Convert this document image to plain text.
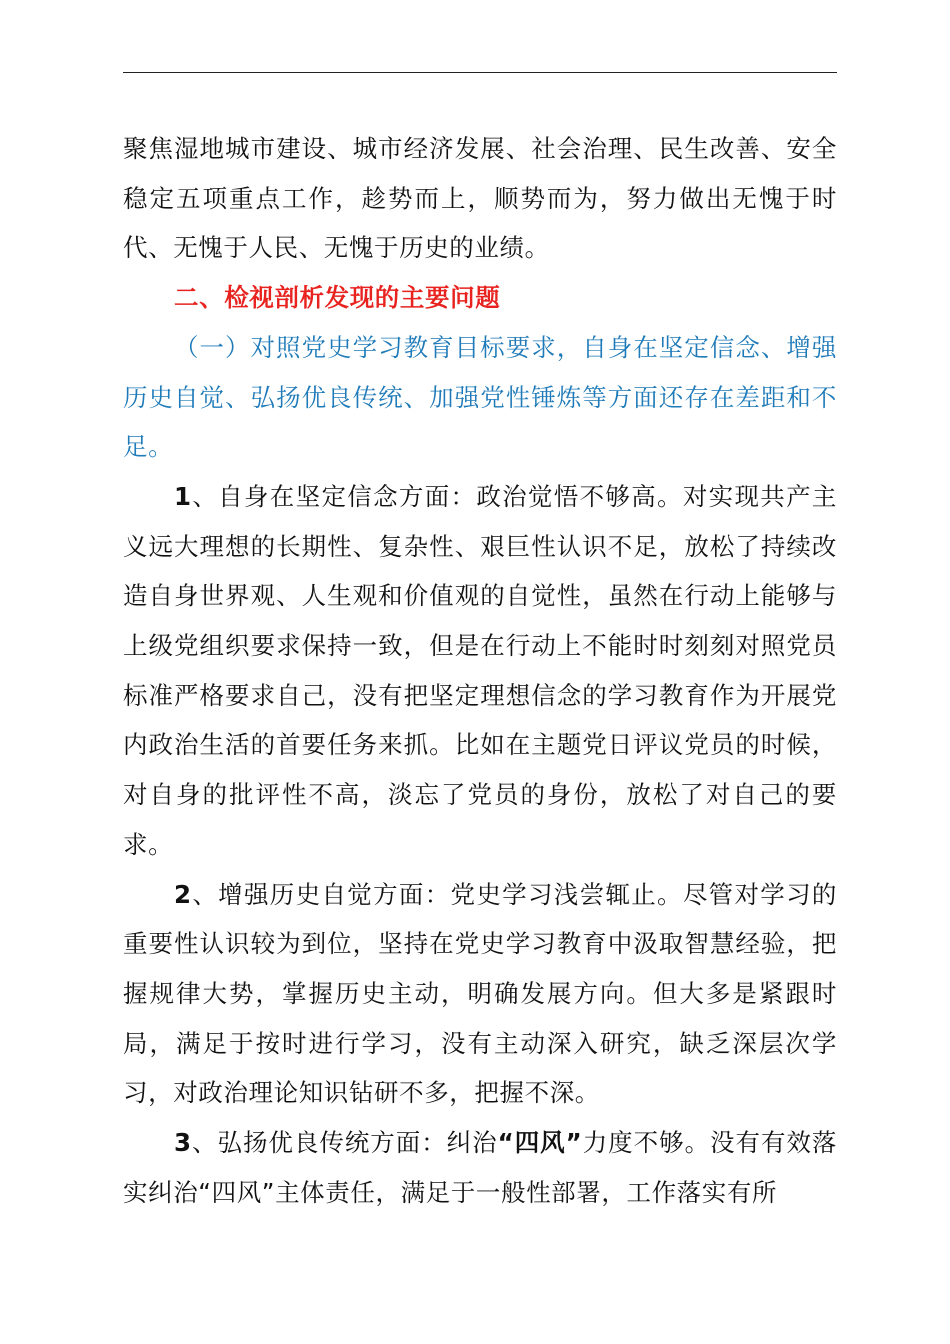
聚焦湿地城市建设、城市经济发展、社会治理、民生改善、安全稳定五项重点工作，趁势而上，顺势而为，努力做出无愧于时代、无愧于人民、无愧于历史的业绩。

二、检视剖析发现的主要问题

（一）对照党史学习教育目标要求，自身在坚定信念、增强历史自觉、弘扬优良传统、加强党性锤炼等方面还存在差距和不足。

1、自身在坚定信念方面：政治觉悟不够高。对实现共产主义远大理想的长期性、复杂性、艰巨性认识不足，放松了持续改造自身世界观、人生观和价值观的自觉性，虽然在行动上能够与上级党组织要求保持一致，但是在行动上不能时时刻刻对照党员标准严格要求自己，没有把坚定理想信念的学习教育作为开展党内政治生活的首要任务来抓。比如在主题党日评议党员的时候，对自身的批评性不高，淡忘了党员的身份，放松了对自己的要求。

2、增强历史自觉方面：党史学习浅尝辄止。尽管对学习的重要性认识较为到位，坚持在党史学习教育中汲取智慧经验，把握规律大势，掌握历史主动，明确发展方向。但大多是紧跟时局，满足于按时进行学习，没有主动深入研究，缺乏深层次学习，对政治理论知识钻研不多，把握不深。

3、弘扬优良传统方面：纠治“四风”力度不够。没有有效落实纠治“四风”主体责任，满足于一般性部署，工作落实有所
